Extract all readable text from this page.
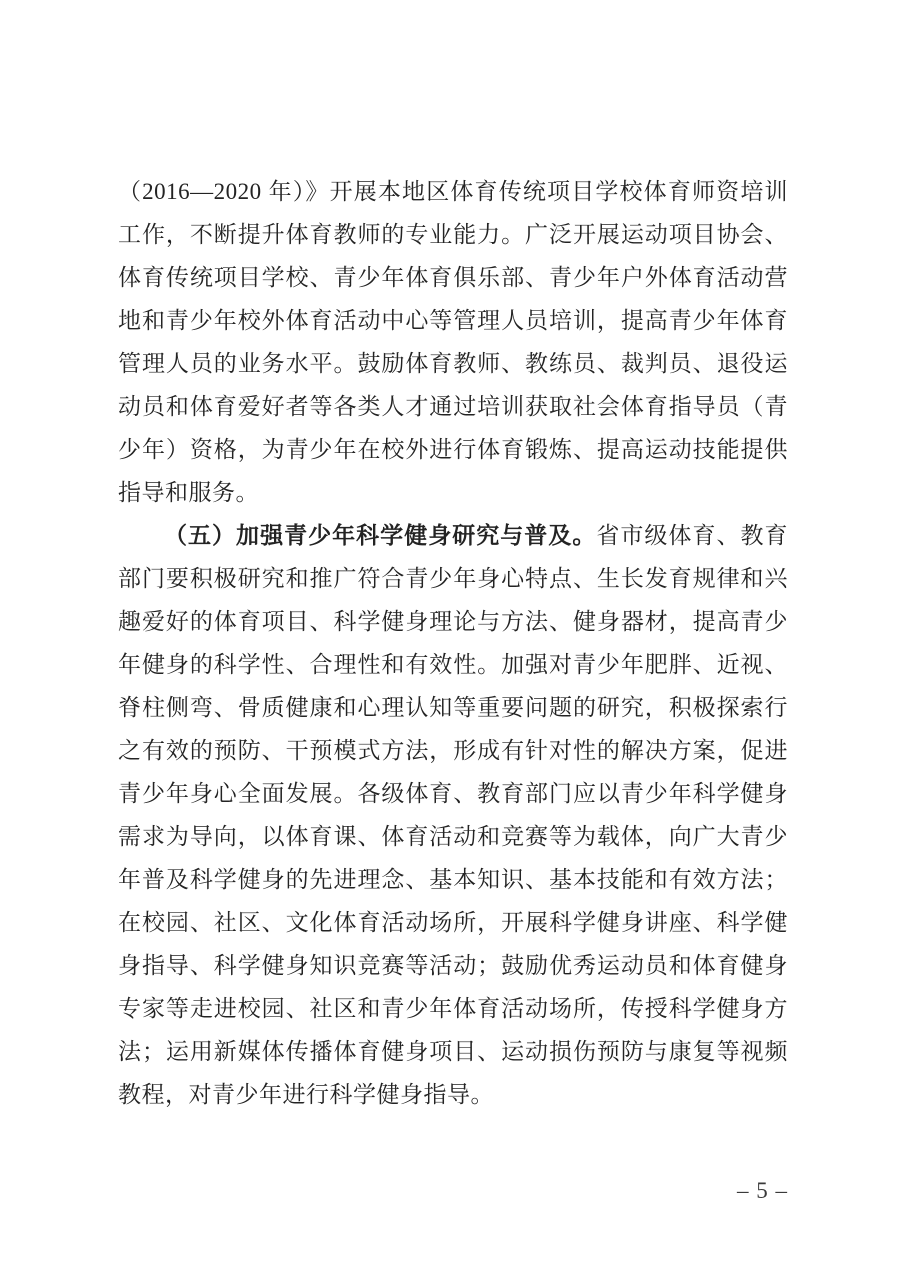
（2016—2020 年）》开展本地区体育传统项目学校体育师资培训
工作，不断提升体育教师的专业能力。广泛开展运动项目协会、
体育传统项目学校、青少年体育俱乐部、青少年户外体育活动营
地和青少年校外体育活动中心等管理人员培训，提高青少年体育
管理人员的业务水平。鼓励体育教师、教练员、裁判员、退役运
动员和体育爱好者等各类人才通过培训获取社会体育指导员（青
少年）资格，为青少年在校外进行体育锻炼、提高运动技能提供
指导和服务。
（五）加强青少年科学健身研究与普及。省市级体育、教育
部门要积极研究和推广符合青少年身心特点、生长发育规律和兴
趣爱好的体育项目、科学健身理论与方法、健身器材，提高青少
年健身的科学性、合理性和有效性。加强对青少年肥胖、近视、
脊柱侧弯、骨质健康和心理认知等重要问题的研究，积极探索行
之有效的预防、干预模式方法，形成有针对性的解决方案，促进
青少年身心全面发展。各级体育、教育部门应以青少年科学健身
需求为导向，以体育课、体育活动和竞赛等为载体，向广大青少
年普及科学健身的先进理念、基本知识、基本技能和有效方法；
在校园、社区、文化体育活动场所，开展科学健身讲座、科学健
身指导、科学健身知识竞赛等活动；鼓励优秀运动员和体育健身
专家等走进校园、社区和青少年体育活动场所，传授科学健身方
法；运用新媒体传播体育健身项目、运动损伤预防与康复等视频
教程，对青少年进行科学健身指导。
– 5 –
